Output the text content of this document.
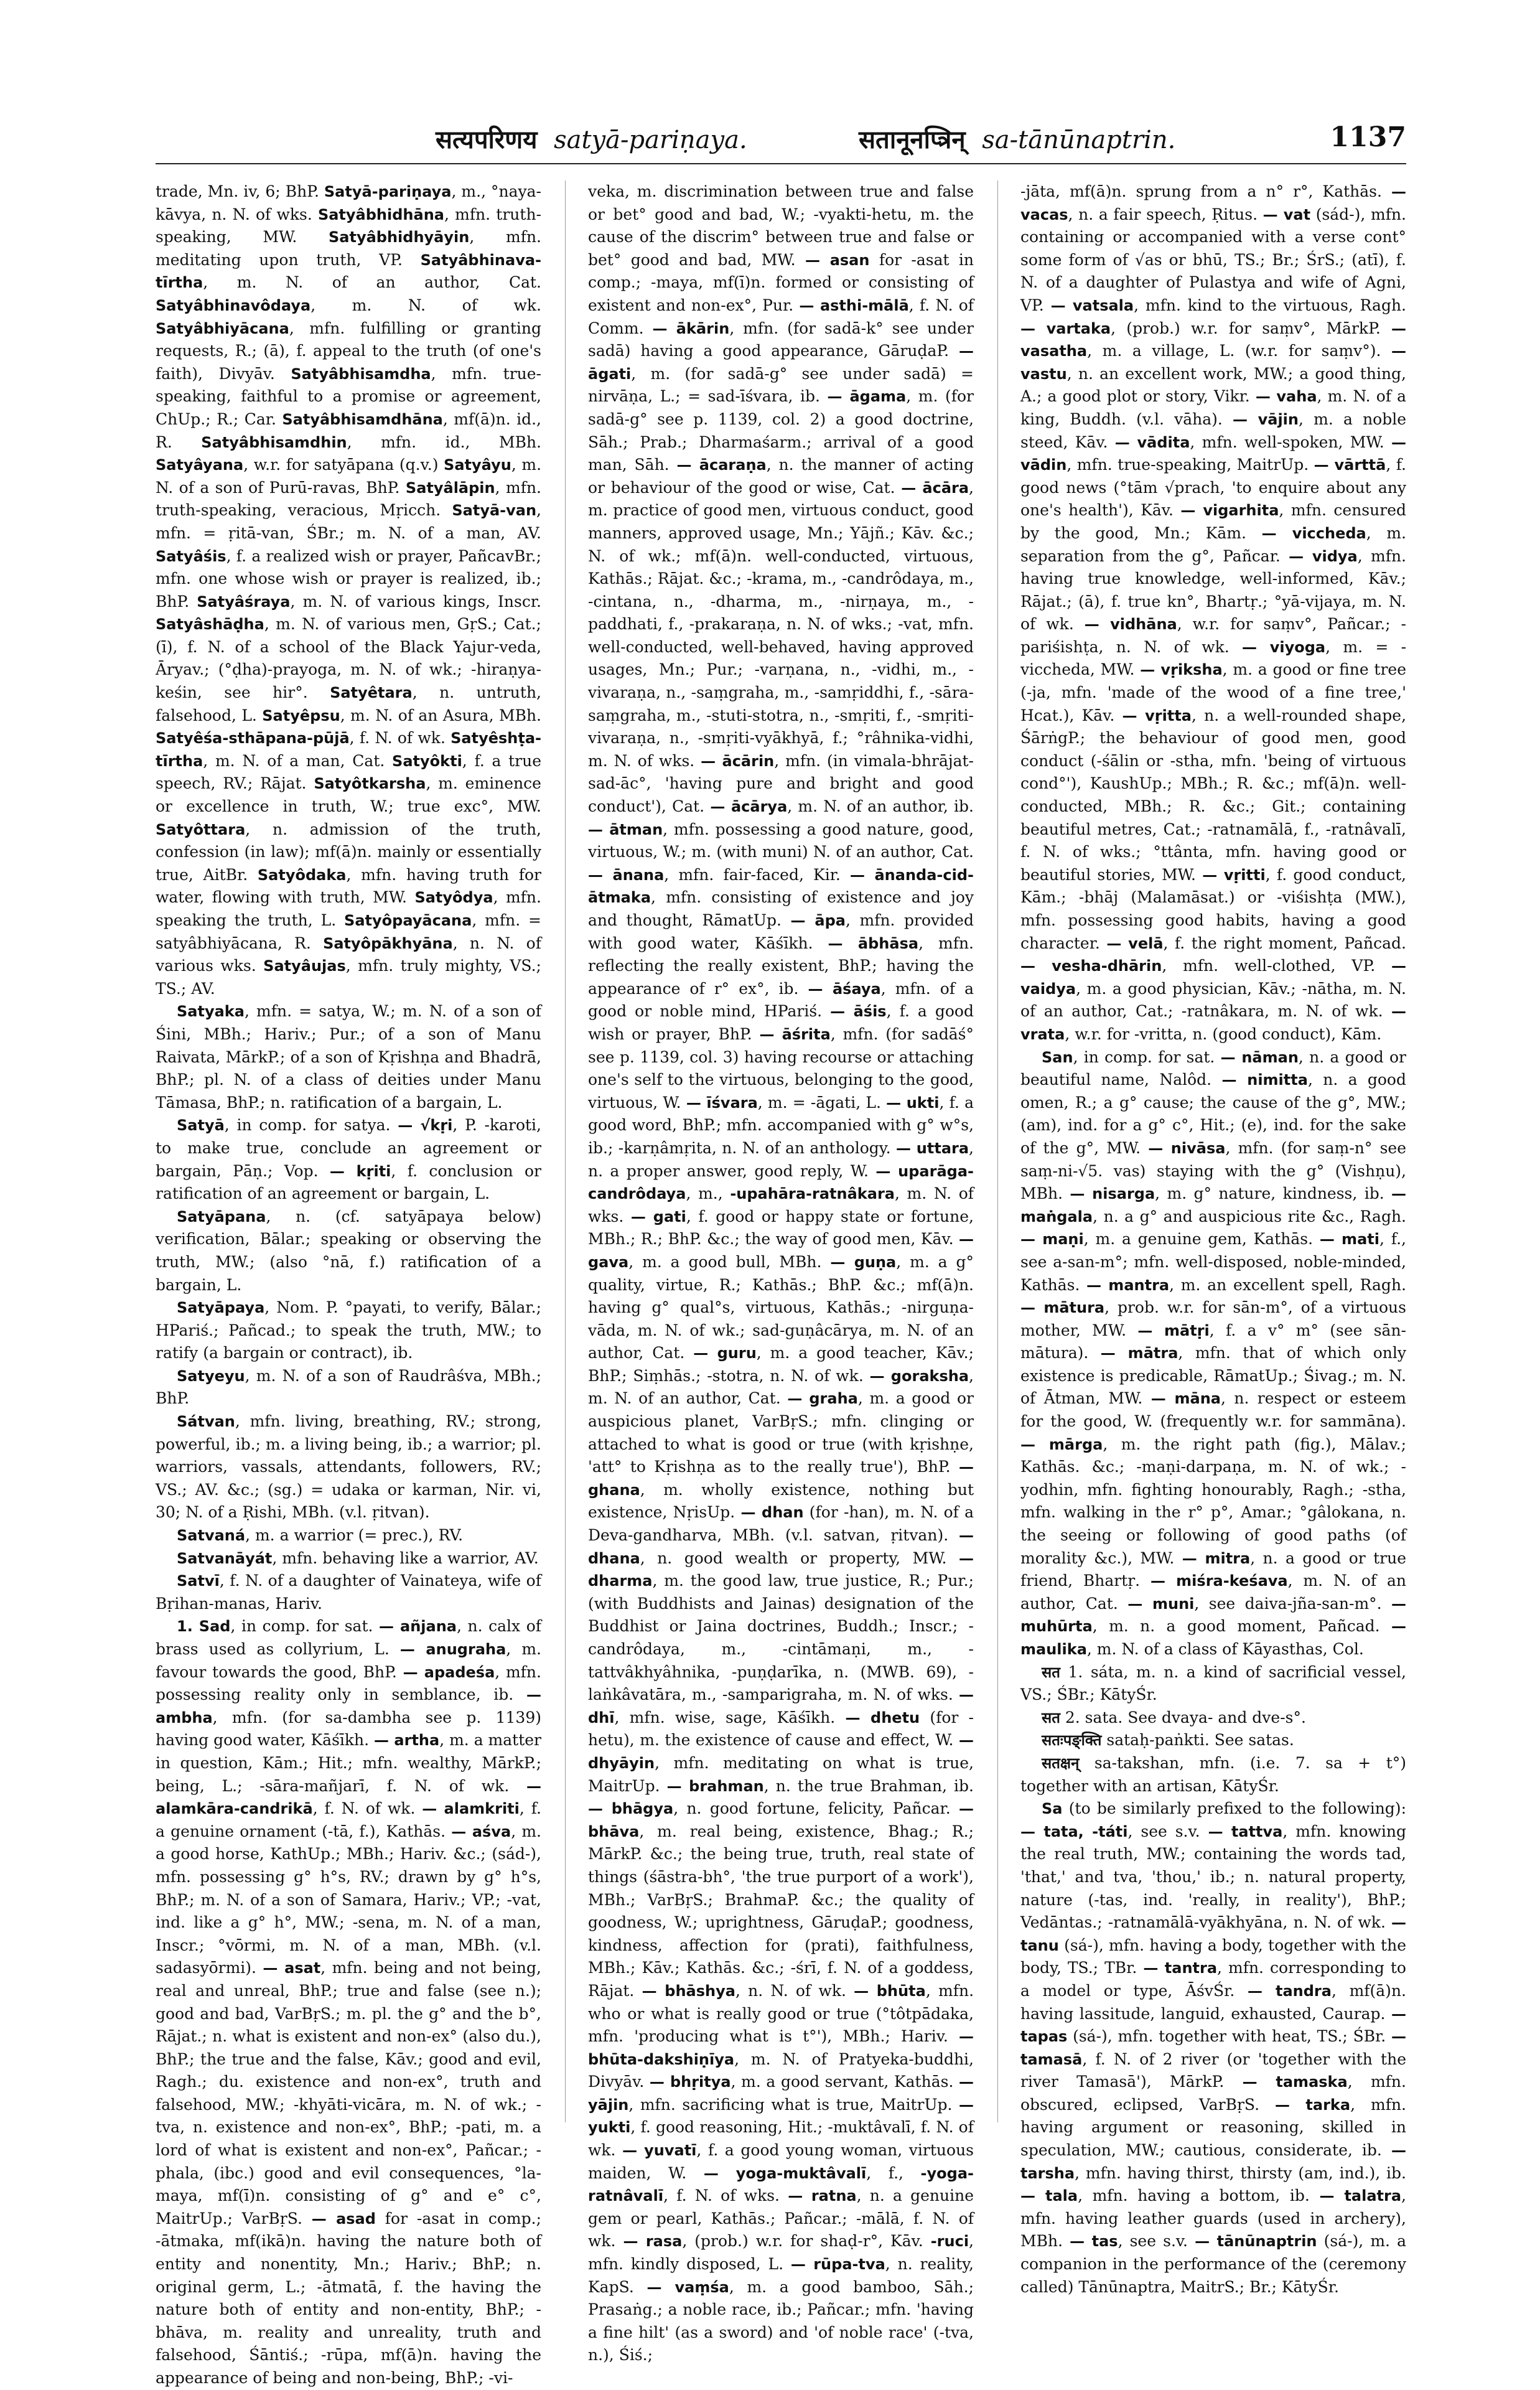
सत्यपरिणय satyā-pariṇaya.	सतानूनप्त्रिन् sa-tānūnaptrin.	1137

trade, Mn. iv, 6; BhP. Satyā-pariṇaya, m., °naya-kāvya, n. N. of wks. Satyâbhidhāna, mfn. truth-speaking, MW. Satyâbhidhyāyin, mfn. meditating upon truth, VP. Satyâbhinava-tīrtha, m. N. of an author, Cat. Satyâbhinavôdaya, m. N. of wk. Satyâbhiyācana, mfn. fulfilling or granting requests, R.; (ā), f. appeal to the truth (of one's faith), Divyāv. Satyâbhisamdha, mfn. true-speaking, faithful to a promise or agreement, ChUp.; R.; Car. Satyâbhisamdhāna, mf(ā)n. id., R. Satyâbhisamdhin, mfn. id., MBh. Satyâyana, w.r. for satyāpana (q.v.) Satyâyu, m. N. of a son of Purū-ravas, BhP. Satyâlāpin, mfn. truth-speaking, veracious, Mṛicch. Satyā-van, mfn. = ṛitā-van, ŚBr.; m. N. of a man, AV. Satyâśis, f. a realized wish or prayer, PañcavBr.; mfn. one whose wish or prayer is realized, ib.; BhP. Satyâśraya, m. N. of various kings, Inscr. Satyâshāḍha, m. N. of various men, GṛS.; Cat.; (ī), f. N. of a school of the Black Yajur-veda, Āryav.; (°ḍha)-prayoga, m. N. of wk.; -hiraṇya-keśin, see hir°. Satyêtara, n. untruth, falsehood, L. Satyêpsu, m. N. of an Asura, MBh. Satyêśa-sthāpana-pūjā, f. N. of wk. Satyêshṭa-tīrtha, m. N. of a man, Cat. Satyôkti, f. a true speech, RV.; Rājat. Satyôtkarsha, m. eminence or excellence in truth, W.; true exc°, MW. Satyôttara, n. admission of the truth, confession (in law); mf(ā)n. mainly or essentially true, AitBr. Satyôdaka, mfn. having truth for water, flowing with truth, MW. Satyôdya, mfn. speaking the truth, L. Satyôpayācana, mfn. = satyâbhiyācana, R. Satyôpākhyāna, n. N. of various wks. Satyâujas, mfn. truly mighty, VS.; TS.; AV.

Satyaka, mfn. = satya, W.; m. N. of a son of Śini, MBh.; Hariv.; Pur.; of a son of Manu Raivata, MārkP.; of a son of Kṛishṇa and Bhadrā, BhP.; pl. N. of a class of deities under Manu Tāmasa, BhP.; n. ratification of a bargain, L.

Satyā, in comp. for satya. — √kṛi, P. -karoti, to make true, conclude an agreement or bargain, Pāṇ.; Vop. — kṛiti, f. conclusion or ratification of an agreement or bargain, L.

Satyāpana, n. (cf. satyāpaya below) verification, Bālar.; speaking or observing the truth, MW.; (also °nā, f.) ratification of a bargain, L.

Satyāpaya, Nom. P. °payati, to verify, Bālar.; HPariś.; Pañcad.; to speak the truth, MW.; to ratify (a bargain or contract), ib.

Satyeyu, m. N. of a son of Raudrâśva, MBh.; BhP.

Sátvan, mfn. living, breathing, RV.; strong, powerful, ib.; m. a living being, ib.; a warrior; pl. warriors, vassals, attendants, followers, RV.; VS.; AV. &c.; (sg.) = udaka or karman, Nir. vi, 30; N. of a Ṛishi, MBh. (v.l. ṛitvan).

Satvaná, m. a warrior (= prec.), RV.

Satvanāyát, mfn. behaving like a warrior, AV.

Satvī, f. N. of a daughter of Vainateya, wife of Bṛihan-manas, Hariv.

1. Sad, in comp. for sat. — añjana, n. calx of brass used as collyrium, L. — anugraha, m. favour towards the good, BhP. — apadeśa, mfn. possessing reality only in semblance, ib. — ambha, mfn. (for sa-dambha see p. 1139) having good water, Kāśīkh. — artha, m. a matter in question, Kām.; Hit.; mfn. wealthy, MārkP.; being, L.; -sāra-mañjarī, f. N. of wk. — alamkāra-candrikā, f. N. of wk. — alamkriti, f. a genuine ornament (-tā, f.), Kathās. — aśva, m. a good horse, KathUp.; MBh.; Hariv. &c.; (sád-), mfn. possessing g° h°s, RV.; drawn by g° h°s, BhP.; m. N. of a son of Samara, Hariv.; VP.; -vat, ind. like a g° h°, MW.; -sena, m. N. of a man, Inscr.; °vōrmi, m. N. of a man, MBh. (v.l. sadasyōrmi). — asat, mfn. being and not being, real and unreal, BhP.; true and false (see n.); good and bad, VarBṛS.; m. pl. the g° and the b°, Rājat.; n. what is existent and non-ex° (also du.), BhP.; the true and the false, Kāv.; good and evil, Ragh.; du. existence and non-ex°, truth and falsehood, MW.; -khyāti-vicāra, m. N. of wk.; -tva, n. existence and non-ex°, BhP.; -pati, m. a lord of what is existent and non-ex°, Pañcar.; -phala, (ibc.) good and evil consequences, °la-maya, mf(ī)n. consisting of g° and e° c°, MaitrUp.; VarBṛS. — asad for -asat in comp.; -ātmaka, mf(ikā)n. having the nature both of entity and nonentity, Mn.; Hariv.; BhP.; n. original germ, L.; -ātmatā, f. the having the nature both of entity and non-entity, BhP.; -bhāva, m. reality and unreality, truth and falsehood, Śāntiś.; -rūpa, mf(ā)n. having the appearance of being and non-being, BhP.; -vi-

veka, m. discrimination between true and false or bet° good and bad, W.; -vyakti-hetu, m. the cause of the discrim° between true and false or bet° good and bad, MW. — asan for -asat in comp.; -maya, mf(ī)n. formed or consisting of existent and non-ex°, Pur. — asthi-mālā, f. N. of Comm. — ākārin, mfn. (for sadā-k° see under sadā) having a good appearance, GāruḍaP. — āgati, m. (for sadā-g° see under sadā) = nirvāṇa, L.; = sad-īśvara, ib. — āgama, m. (for sadā-g° see p. 1139, col. 2) a good doctrine, Sāh.; Prab.; Dharmaśarm.; arrival of a good man, Sāh. — ācaraṇa, n. the manner of acting or behaviour of the good or wise, Cat. — ācāra, m. practice of good men, virtuous conduct, good manners, approved usage, Mn.; Yājñ.; Kāv. &c.; N. of wk.; mf(ā)n. well-conducted, virtuous, Kathās.; Rājat. &c.; -krama, m., -candrôdaya, m., -cintana, n., -dharma, m., -nirṇaya, m., -paddhati, f., -prakaraṇa, n. N. of wks.; -vat, mfn. well-conducted, well-behaved, having approved usages, Mn.; Pur.; -varṇana, n., -vidhi, m., -vivaraṇa, n., -saṃgraha, m., -samṛiddhi, f., -sāra-saṃgraha, m., -stuti-stotra, n., -smṛiti, f., -smṛiti-vivaraṇa, n., -smṛiti-vyākhyā, f.; °râhnika-vidhi, m. N. of wks. — ācārin, mfn. (in vimala-bhrājat-sad-āc°, 'having pure and bright and good conduct'), Cat. — ācārya, m. N. of an author, ib. — ātman, mfn. possessing a good nature, good, virtuous, W.; m. (with muni) N. of an author, Cat. — ānana, mfn. fair-faced, Kir. — ānanda-cid-ātmaka, mfn. consisting of existence and joy and thought, RāmatUp. — āpa, mfn. provided with good water, Kāśīkh. — ābhāsa, mfn. reflecting the really existent, BhP.; having the appearance of r° ex°, ib. — āśaya, mfn. of a good or noble mind, HPariś. — āśis, f. a good wish or prayer, BhP. — āśrita, mfn. (for sadāś° see p. 1139, col. 3) having recourse or attaching one's self to the virtuous, belonging to the good, virtuous, W. — īśvara, m. = -āgati, L. — ukti, f. a good word, BhP.; mfn. accompanied with g° w°s, ib.; -karṇâmṛita, n. N. of an anthology. — uttara, n. a proper answer, good reply, W. — uparāga-candrôdaya, m., -upahāra-ratnâkara, m. N. of wks. — gati, f. good or happy state or fortune, MBh.; R.; BhP. &c.; the way of good men, Kāv. — gava, m. a good bull, MBh. — guṇa, m. a g° quality, virtue, R.; Kathās.; BhP. &c.; mf(ā)n. having g° qual°s, virtuous, Kathās.; -nirguṇa-vāda, m. N. of wk.; sad-guṇâcārya, m. N. of an author, Cat. — guru, m. a good teacher, Kāv.; BhP.; Siṃhās.; -stotra, n. N. of wk. — goraksha, m. N. of an author, Cat. — graha, m. a good or auspicious planet, VarBṛS.; mfn. clinging or attached to what is good or true (with kṛishṇe, 'att° to Kṛishṇa as to the really true'), BhP. — ghana, m. wholly existence, nothing but existence, NṛisUp. — dhan (for -han), m. N. of a Deva-gandharva, MBh. (v.l. satvan, ṛitvan). — dhana, n. good wealth or property, MW. — dharma, m. the good law, true justice, R.; Pur.; (with Buddhists and Jainas) designation of the Buddhist or Jaina doctrines, Buddh.; Inscr.; -candrôdaya, m., -cintāmaṇi, m., -tattvâkhyâhnika, -puṇḍarīka, n. (MWB. 69), -laṅkâvatāra, m., -samparigraha, m. N. of wks. — dhī, mfn. wise, sage, Kāśīkh. — dhetu (for -hetu), m. the existence of cause and effect, W. — dhyāyin, mfn. meditating on what is true, MaitrUp. — brahman, n. the true Brahman, ib. — bhāgya, n. good fortune, felicity, Pañcar. — bhāva, m. real being, existence, Bhag.; R.; MārkP. &c.; the being true, truth, real state of things (śāstra-bh°, 'the true purport of a work'), MBh.; VarBṛS.; BrahmaP. &c.; the quality of goodness, W.; uprightness, GāruḍaP.; goodness, kindness, affection for (prati), faithfulness, MBh.; Kāv.; Kathās. &c.; -śrī, f. N. of a goddess, Rājat. — bhāshya, n. N. of wk. — bhūta, mfn. who or what is really good or true (°tôtpādaka, mfn. 'producing what is t°'), MBh.; Hariv. — bhūta-dakshiṇīya, m. N. of Pratyeka-buddhi, Divyāv. — bhṛitya, m. a good servant, Kathās. — yājin, mfn. sacrificing what is true, MaitrUp. — yukti, f. good reasoning, Hit.; -muktâvalī, f. N. of wk. — yuvatī, f. a good young woman, virtuous maiden, W. — yoga-muktâvalī, f., -yoga-ratnâvalī, f. N. of wks. — ratna, n. a genuine gem or pearl, Kathās.; Pañcar.; -mālā, f. N. of wk. — rasa, (prob.) w.r. for shaḍ-r°, Kāv. -ruci, mfn. kindly disposed, L. — rūpa-tva, n. reality, KapS. — vaṃśa, m. a good bamboo, Sāh.; Prasaṅg.; a noble race, ib.; Pañcar.; mfn. 'having a fine hilt' (as a sword) and 'of noble race' (-tva, n.), Śiś.;

-jāta, mf(ā)n. sprung from a n° r°, Kathās. — vacas, n. a fair speech, Ṛitus. — vat (sád-), mfn. containing or accompanied with a verse cont° some form of √as or bhū, TS.; Br.; ŚrS.; (atī), f. N. of a daughter of Pulastya and wife of Agni, VP. — vatsala, mfn. kind to the virtuous, Ragh. — vartaka, (prob.) w.r. for saṃv°, MārkP. — vasatha, m. a village, L. (w.r. for saṃv°). — vastu, n. an excellent work, MW.; a good thing, A.; a good plot or story, Vikr. — vaha, m. N. of a king, Buddh. (v.l. vāha). — vājin, m. a noble steed, Kāv. — vādita, mfn. well-spoken, MW. — vādin, mfn. true-speaking, MaitrUp. — vārttā, f. good news (°tām √prach, 'to enquire about any one's health'), Kāv. — vigarhita, mfn. censured by the good, Mn.; Kām. — viccheda, m. separation from the g°, Pañcar. — vidya, mfn. having true knowledge, well-informed, Kāv.; Rājat.; (ā), f. true kn°, Bhartṛ.; °yā-vijaya, m. N. of wk. — vidhāna, w.r. for saṃv°, Pañcar.; -pariśishṭa, n. N. of wk. — viyoga, m. = -viccheda, MW. — vṛiksha, m. a good or fine tree (-ja, mfn. 'made of the wood of a fine tree,' Hcat.), Kāv. — vṛitta, n. a well-rounded shape, ŚārṅgP.; the behaviour of good men, good conduct (-śālin or -stha, mfn. 'being of virtuous cond°'), KaushUp.; MBh.; R. &c.; mf(ā)n. well-conducted, MBh.; R. &c.; Git.; containing beautiful metres, Cat.; -ratnamālā, f., -ratnâvalī, f. N. of wks.; °ttânta, mfn. having good or beautiful stories, MW. — vṛitti, f. good conduct, Kām.; -bhāj (Malamāsat.) or -viśishṭa (MW.), mfn. possessing good habits, having a good character. — velā, f. the right moment, Pañcad. — vesha-dhārin, mfn. well-clothed, VP. — vaidya, m. a good physician, Kāv.; -nātha, m. N. of an author, Cat.; -ratnâkara, m. N. of wk. — vrata, w.r. for -vritta, n. (good conduct), Kām.

San, in comp. for sat. — nāman, n. a good or beautiful name, Nalôd. — nimitta, n. a good omen, R.; a g° cause; the cause of the g°, MW.; (am), ind. for a g° c°, Hit.; (e), ind. for the sake of the g°, MW. — nivāsa, mfn. (for saṃ-n° see saṃ-ni-√5. vas) staying with the g° (Vishṇu), MBh. — nisarga, m. g° nature, kindness, ib. — maṅgala, n. a g° and auspicious rite &c., Ragh. — maṇi, m. a genuine gem, Kathās. — mati, f., see a-san-m°; mfn. well-disposed, noble-minded, Kathās. — mantra, m. an excellent spell, Ragh. — mātura, prob. w.r. for sān-m°, of a virtuous mother, MW. — mātṛi, f. a v° m° (see sān-mātura). — mātra, mfn. that of which only existence is predicable, RāmatUp.; Śivag.; m. N. of Ātman, MW. — māna, n. respect or esteem for the good, W. (frequently w.r. for sammāna). — mārga, m. the right path (fig.), Mālav.; Kathās. &c.; -maṇi-darpaṇa, m. N. of wk.; -yodhin, mfn. fighting honourably, Ragh.; -stha, mfn. walking in the r° p°, Amar.; °gâlokana, n. the seeing or following of good paths (of morality &c.), MW. — mitra, n. a good or true friend, Bhartṛ. — miśra-keśava, m. N. of an author, Cat. — muni, see daiva-jña-san-m°. — muhūrta, m. n. a good moment, Pañcad. — maulika, m. N. of a class of Kāyasthas, Col.

सत 1. sáta, m. n. a kind of sacrificial vessel, VS.; ŚBr.; KātyŚr.

सत 2. sata. See dvaya- and dve-s°.

सतःपङ्क्ति sataḥ-paṅkti. See satas.

सतक्षन् sa-takshan, mfn. (i.e. 7. sa + t°) together with an artisan, KātyŚr.

Sa (to be similarly prefixed to the following): — tata, -táti, see s.v. — tattva, mfn. knowing the real truth, MW.; containing the words tad, 'that,' and tva, 'thou,' ib.; n. natural property, nature (-tas, ind. 'really, in reality'), BhP.; Vedāntas.; -ratnamālā-vyākhyāna, n. N. of wk. — tanu (sá-), mfn. having a body, together with the body, TS.; TBr. — tantra, mfn. corresponding to a model or type, ĀśvŚr. — tandra, mf(ā)n. having lassitude, languid, exhausted, Caurap. — tapas (sá-), mfn. together with heat, TS.; ŚBr. — tamasā, f. N. of 2 river (or 'together with the river Tamasā'), MārkP. — tamaska, mfn. obscured, eclipsed, VarBṛS. — tarka, mfn. having argument or reasoning, skilled in speculation, MW.; cautious, considerate, ib. — tarsha, mfn. having thirst, thirsty (am, ind.), ib. — tala, mfn. having a bottom, ib. — talatra, mfn. having leather guards (used in archery), MBh. — tas, see s.v. — tānūnaptrin (sá-), m. a companion in the performance of the (ceremony called) Tānūnaptra, MaitrS.; Br.; KātyŚr.
